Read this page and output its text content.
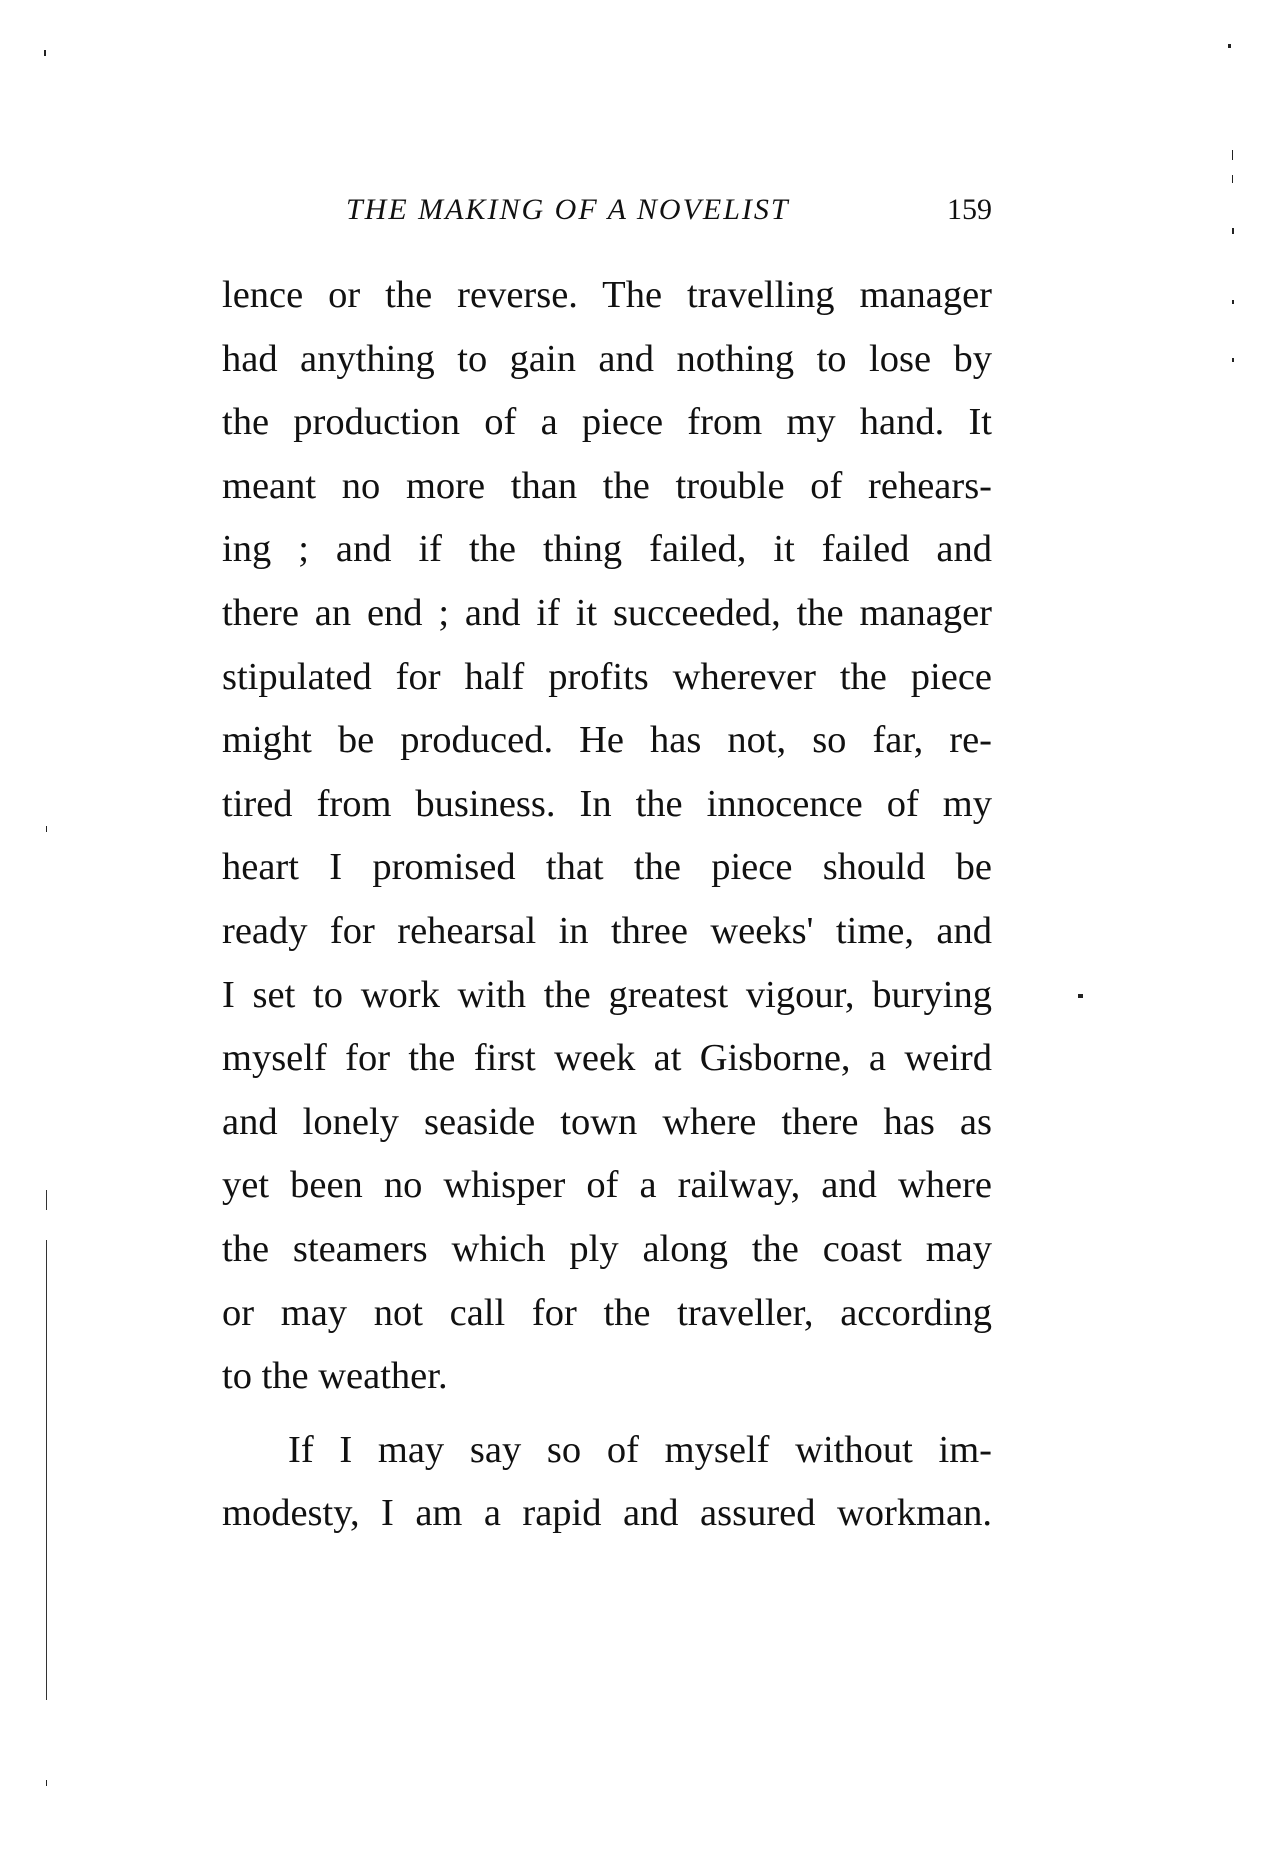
THE MAKING OF A NOVELIST	159
lence or the reverse. The travelling manager
had anything to gain and nothing to lose by
the production of a piece from my hand. It
meant no more than the trouble of rehears-
ing ; and if the thing failed, it failed and
there an end ; and if it succeeded, the manager
stipulated for half profits wherever the piece
might be produced. He has not, so far, re-
tired from business. In the innocence of my
heart I promised that the piece should be
ready for rehearsal in three weeks' time, and
I set to work with the greatest vigour, burying
myself for the first week at Gisborne, a weird
and lonely seaside town where there has as
yet been no whisper of a railway, and where
the steamers which ply along the coast may
or may not call for the traveller, according
to the weather.
If I may say so of myself without im-
modesty, I am a rapid and assured workman.
